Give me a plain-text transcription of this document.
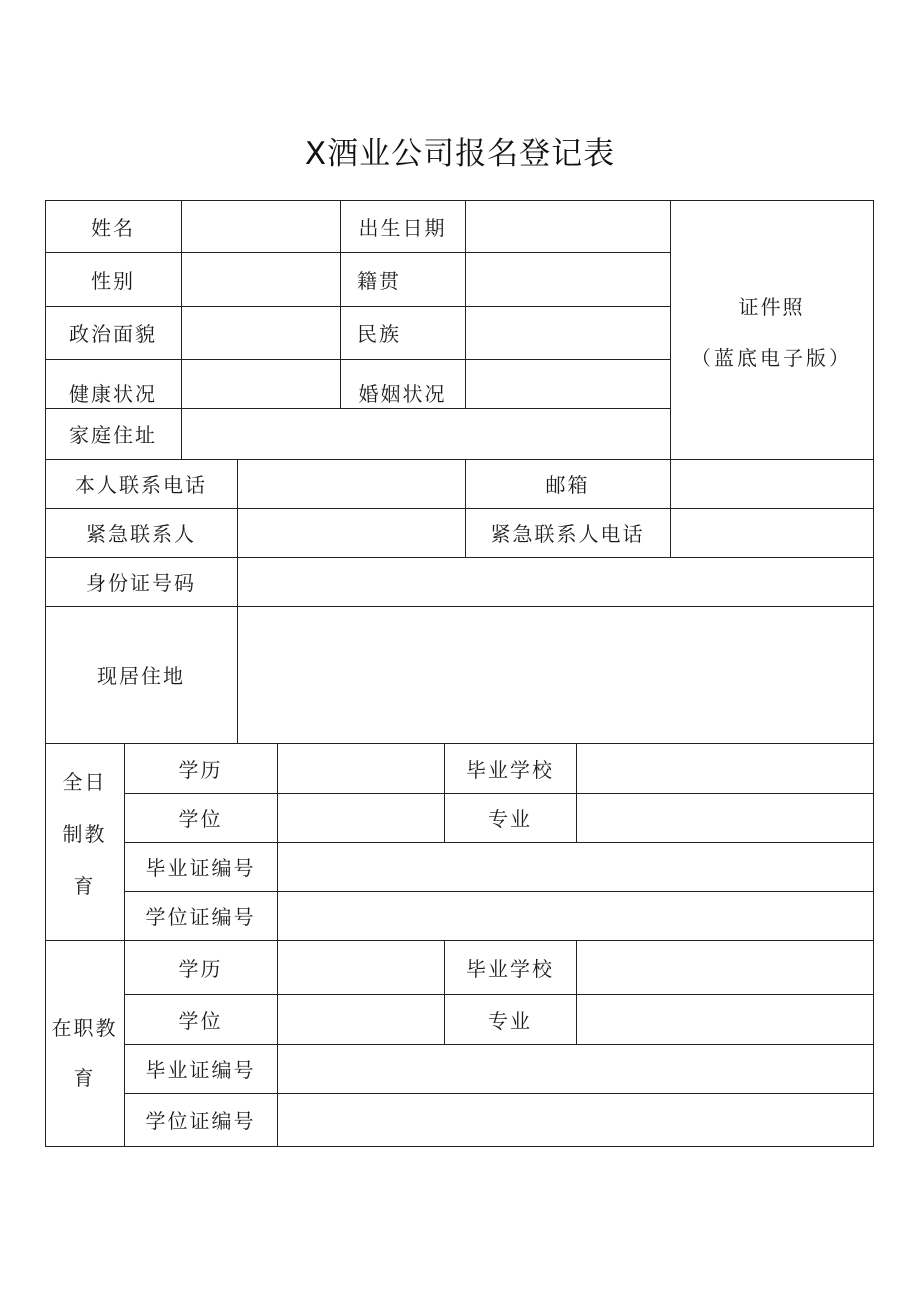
X酒业公司报名登记表
姓名	出生日期
性别	籍贯
政治面貌	民族
健康状况	婚姻状况
家庭住址
证件照
（蓝底电子版）
本人联系电话	邮箱
紧急联系人	紧急联系人电话
身份证号码
现居住地
全日
制教
育
学历	毕业学校
学位	专业
毕业证编号
学位证编号
在职教
育
学历	毕业学校
学位	专业
毕业证编号
学位证编号
